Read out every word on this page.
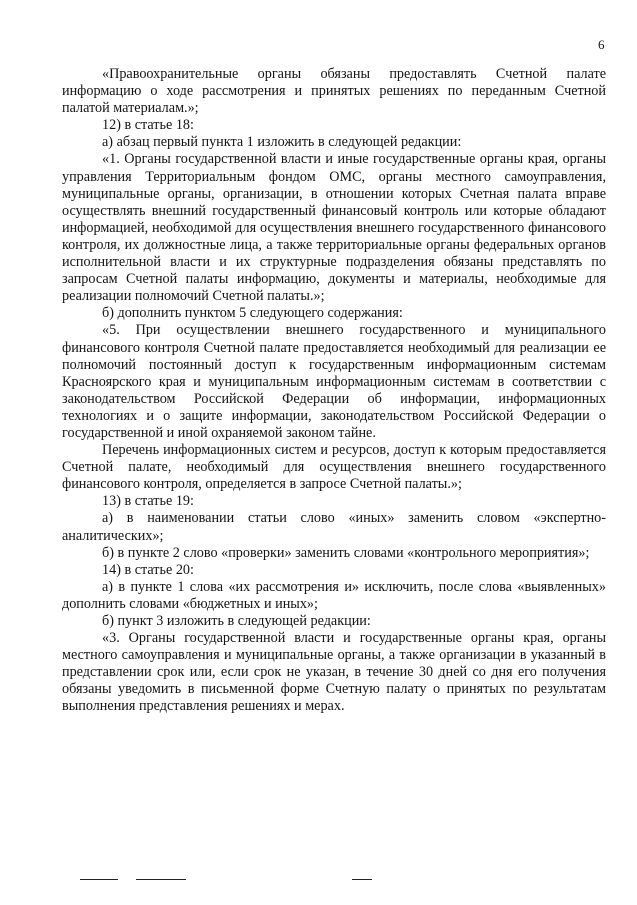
6

«Правоохранительные органы обязаны предоставлять Счетной палате информацию о ходе рассмотрения и принятых решениях по переданным Счетной палатой материалам.»;

12) в статье 18:

а) абзац первый пункта 1 изложить в следующей редакции:

«1. Органы государственной власти и иные государственные органы края, органы управления Территориальным фондом ОМС, органы местного самоуправления, муниципальные органы, организации, в отношении которых Счетная палата вправе осуществлять внешний государственный финансовый контроль или которые обладают информацией, необходимой для осуществления внешнего государственного финансового контроля, их должностные лица, а также территориальные органы федеральных органов исполнительной власти и их структурные подразделения обязаны представлять по запросам Счетной палаты информацию, документы и материалы, необходимые для реализации полномочий Счетной палаты.»;

б) дополнить пунктом 5 следующего содержания:

«5. При осуществлении внешнего государственного и муниципального финансового контроля Счетной палате предоставляется необходимый для реализации ее полномочий постоянный доступ к государственным информационным системам Красноярского края и муниципальным информационным системам в соответствии с законодательством Российской Федерации об информации, информационных технологиях и о защите информации, законодательством Российской Федерации о государственной и иной охраняемой законом тайне.

Перечень информационных систем и ресурсов, доступ к которым предоставляется Счетной палате, необходимый для осуществления внешнего государственного финансового контроля, определяется в запросе Счетной палаты.»;

13) в статье 19:

а) в наименовании статьи слово «иных» заменить словом «экспертно-аналитических»;

б) в пункте 2 слово «проверки» заменить словами «контрольного мероприятия»;

14) в статье 20:

а) в пункте 1 слова «их рассмотрения и» исключить, после слова «выявленных» дополнить словами «бюджетных и иных»;

б) пункт 3 изложить в следующей редакции:

«3. Органы государственной власти и государственные органы края, органы местного самоуправления и муниципальные органы, а также организации в указанный в представлении срок или, если срок не указан, в течение 30 дней со дня его получения обязаны уведомить в письменной форме Счетную палату о принятых по результатам выполнения представления решениях и мерах.
